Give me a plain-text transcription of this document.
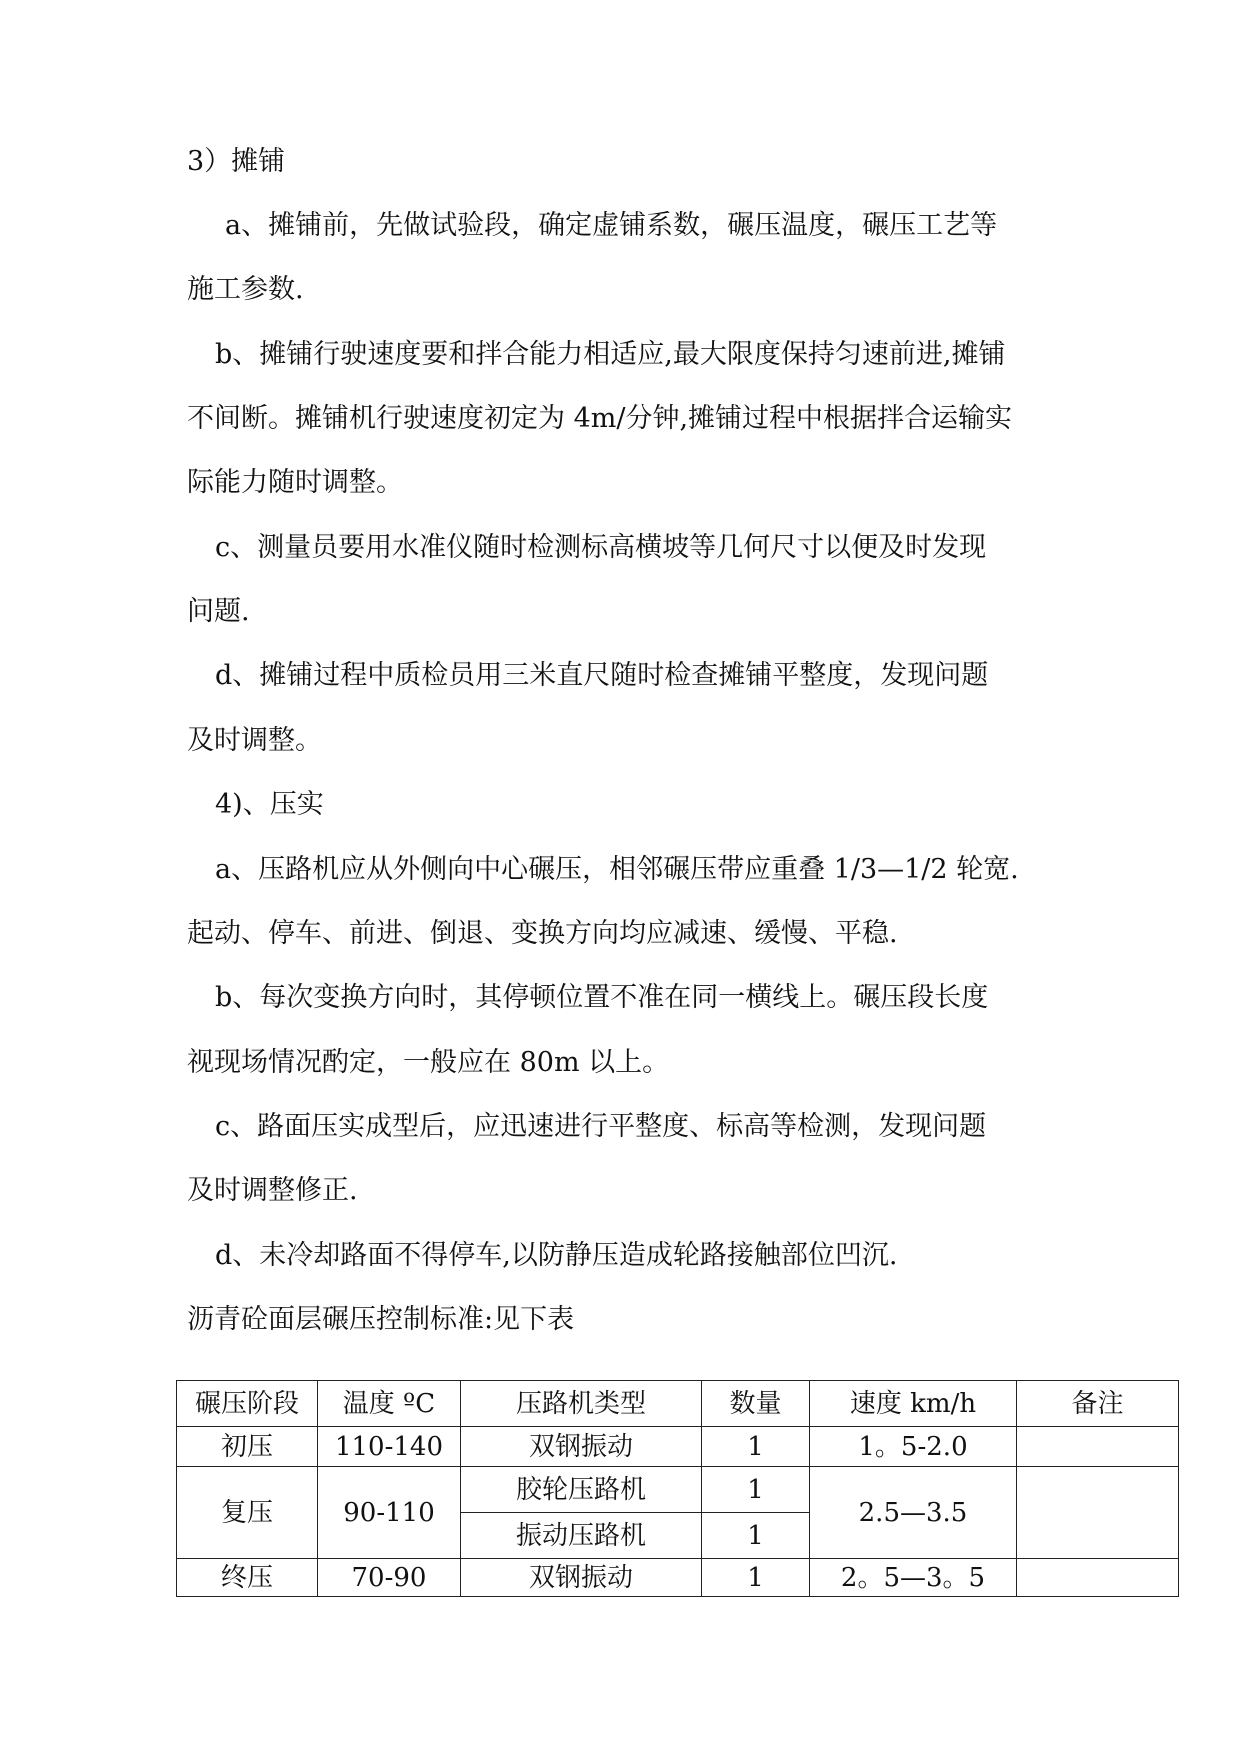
3）摊铺
a、摊铺前，先做试验段，确定虚铺系数，碾压温度，碾压工艺等
施工参数.
b、摊铺行驶速度要和拌合能力相适应,最大限度保持匀速前进,摊铺
不间断。摊铺机行驶速度初定为 4m/分钟,摊铺过程中根据拌合运输实
际能力随时调整。
c、测量员要用水准仪随时检测标高横坡等几何尺寸以便及时发现
问题.
d、摊铺过程中质检员用三米直尺随时检查摊铺平整度，发现问题
及时调整。
4)、压实
a、压路机应从外侧向中心碾压，相邻碾压带应重叠 1/3—1/2 轮宽.
起动、停车、前进、倒退、变换方向均应减速、缓慢、平稳.
b、每次变换方向时，其停顿位置不准在同一横线上。碾压段长度
视现场情况酌定，一般应在 80m 以上。
c、路面压实成型后，应迅速进行平整度、标高等检测，发现问题
及时调整修正.
d、未冷却路面不得停车,以防静压造成轮路接触部位凹沉.
沥青砼面层碾压控制标准:见下表
碾压阶段	温度 ºC	压路机类型	数量	速度 km/h	备注
初压	110-140	双钢振动	1	1。5-2.0	
复压	90-110	胶轮压路机	1	2.5—3.5	
		振动压路机	1		
终压	70-90	双钢振动	1	2。5—3。5	
